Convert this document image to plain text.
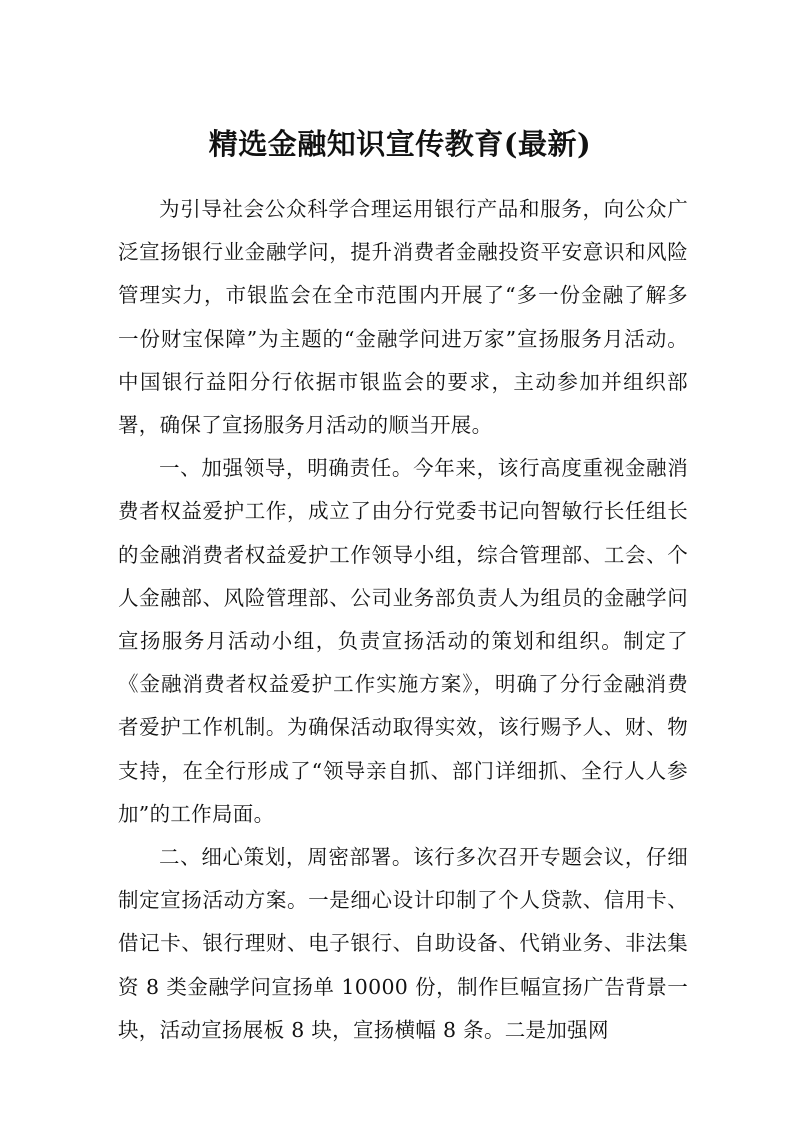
精选金融知识宣传教育(最新)

为引导社会公众科学合理运用银行产品和服务，向公众广泛宣扬银行业金融学问，提升消费者金融投资平安意识和风险管理实力，市银监会在全市范围内开展了“多一份金融了解多一份财宝保障”为主题的“金融学问进万家”宣扬服务月活动。中国银行益阳分行依据市银监会的要求，主动参加并组织部署，确保了宣扬服务月活动的顺当开展。

一、加强领导，明确责任。今年来，该行高度重视金融消费者权益爱护工作，成立了由分行党委书记向智敏行长任组长的金融消费者权益爱护工作领导小组，综合管理部、工会、个人金融部、风险管理部、公司业务部负责人为组员的金融学问宣扬服务月活动小组，负责宣扬活动的策划和组织。制定了《金融消费者权益爱护工作实施方案》，明确了分行金融消费者爱护工作机制。为确保活动取得实效，该行赐予人、财、物支持，在全行形成了“领导亲自抓、部门详细抓、全行人人参加”的工作局面。

二、细心策划，周密部署。该行多次召开专题会议，仔细制定宣扬活动方案。一是细心设计印制了个人贷款、信用卡、借记卡、银行理财、电子银行、自助设备、代销业务、非法集资 8 类金融学问宣扬单 10000 份，制作巨幅宣扬广告背景一块，活动宣扬展板 8 块，宣扬横幅 8 条。二是加强网
